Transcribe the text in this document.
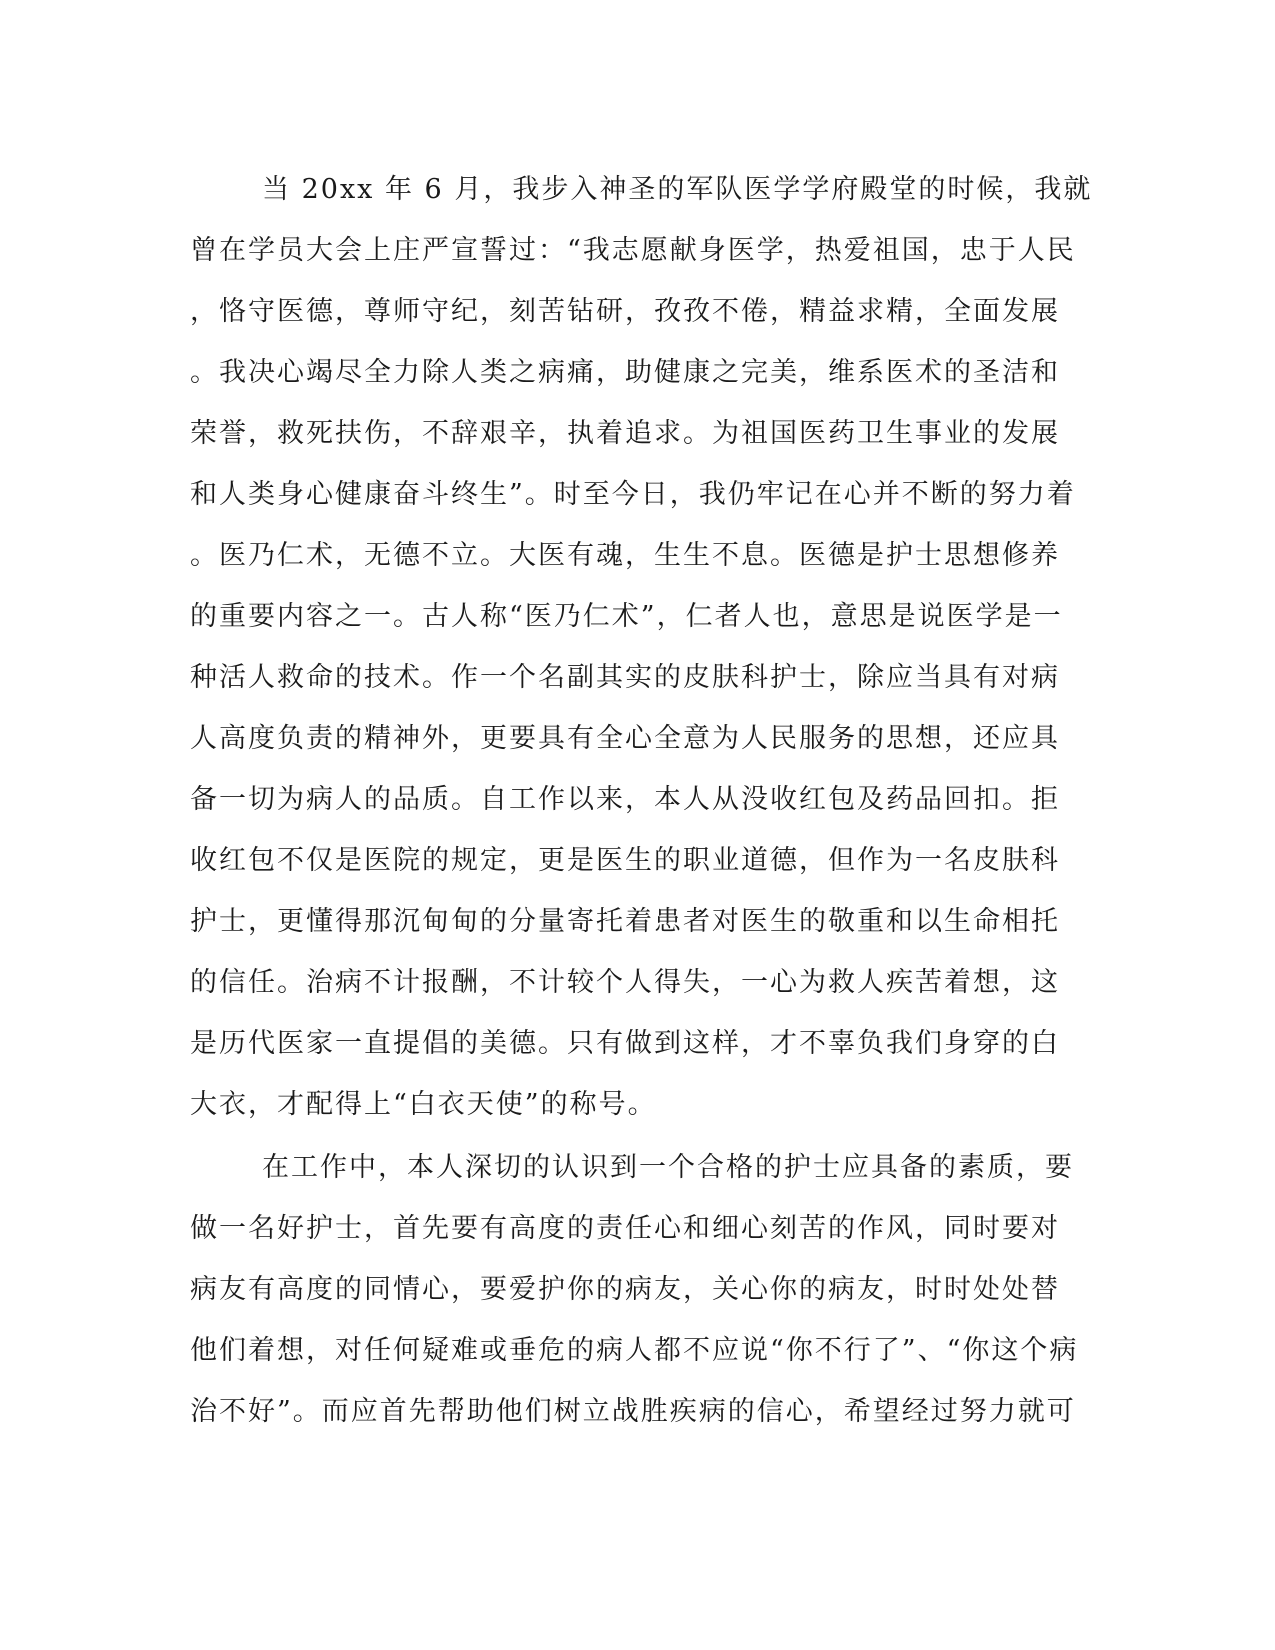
当 20xx 年 6 月，我步入神圣的军队医学学府殿堂的时候，我就
曾在学员大会上庄严宣誓过：“我志愿献身医学，热爱祖国，忠于人民
，恪守医德，尊师守纪，刻苦钻研，孜孜不倦，精益求精，全面发展
。我决心竭尽全力除人类之病痛，助健康之完美，维系医术的圣洁和
荣誉，救死扶伤，不辞艰辛，执着追求。为祖国医药卫生事业的发展
和人类身心健康奋斗终生”。时至今日，我仍牢记在心并不断的努力着
。医乃仁术，无德不立。大医有魂，生生不息。医德是护士思想修养
的重要内容之一。古人称“医乃仁术”，仁者人也，意思是说医学是一
种活人救命的技术。作一个名副其实的皮肤科护士，除应当具有对病
人高度负责的精神外，更要具有全心全意为人民服务的思想，还应具
备一切为病人的品质。自工作以来，本人从没收红包及药品回扣。拒
收红包不仅是医院的规定，更是医生的职业道德，但作为一名皮肤科
护士，更懂得那沉甸甸的分量寄托着患者对医生的敬重和以生命相托
的信任。治病不计报酬，不计较个人得失，一心为救人疾苦着想，这
是历代医家一直提倡的美德。只有做到这样，才不辜负我们身穿的白
大衣，才配得上“白衣天使”的称号。
在工作中，本人深切的认识到一个合格的护士应具备的素质，要
做一名好护士，首先要有高度的责任心和细心刻苦的作风，同时要对
病友有高度的同情心，要爱护你的病友，关心你的病友，时时处处替
他们着想，对任何疑难或垂危的病人都不应说“你不行了”、“你这个病
治不好”。而应首先帮助他们树立战胜疾病的信心，希望经过努力就可
